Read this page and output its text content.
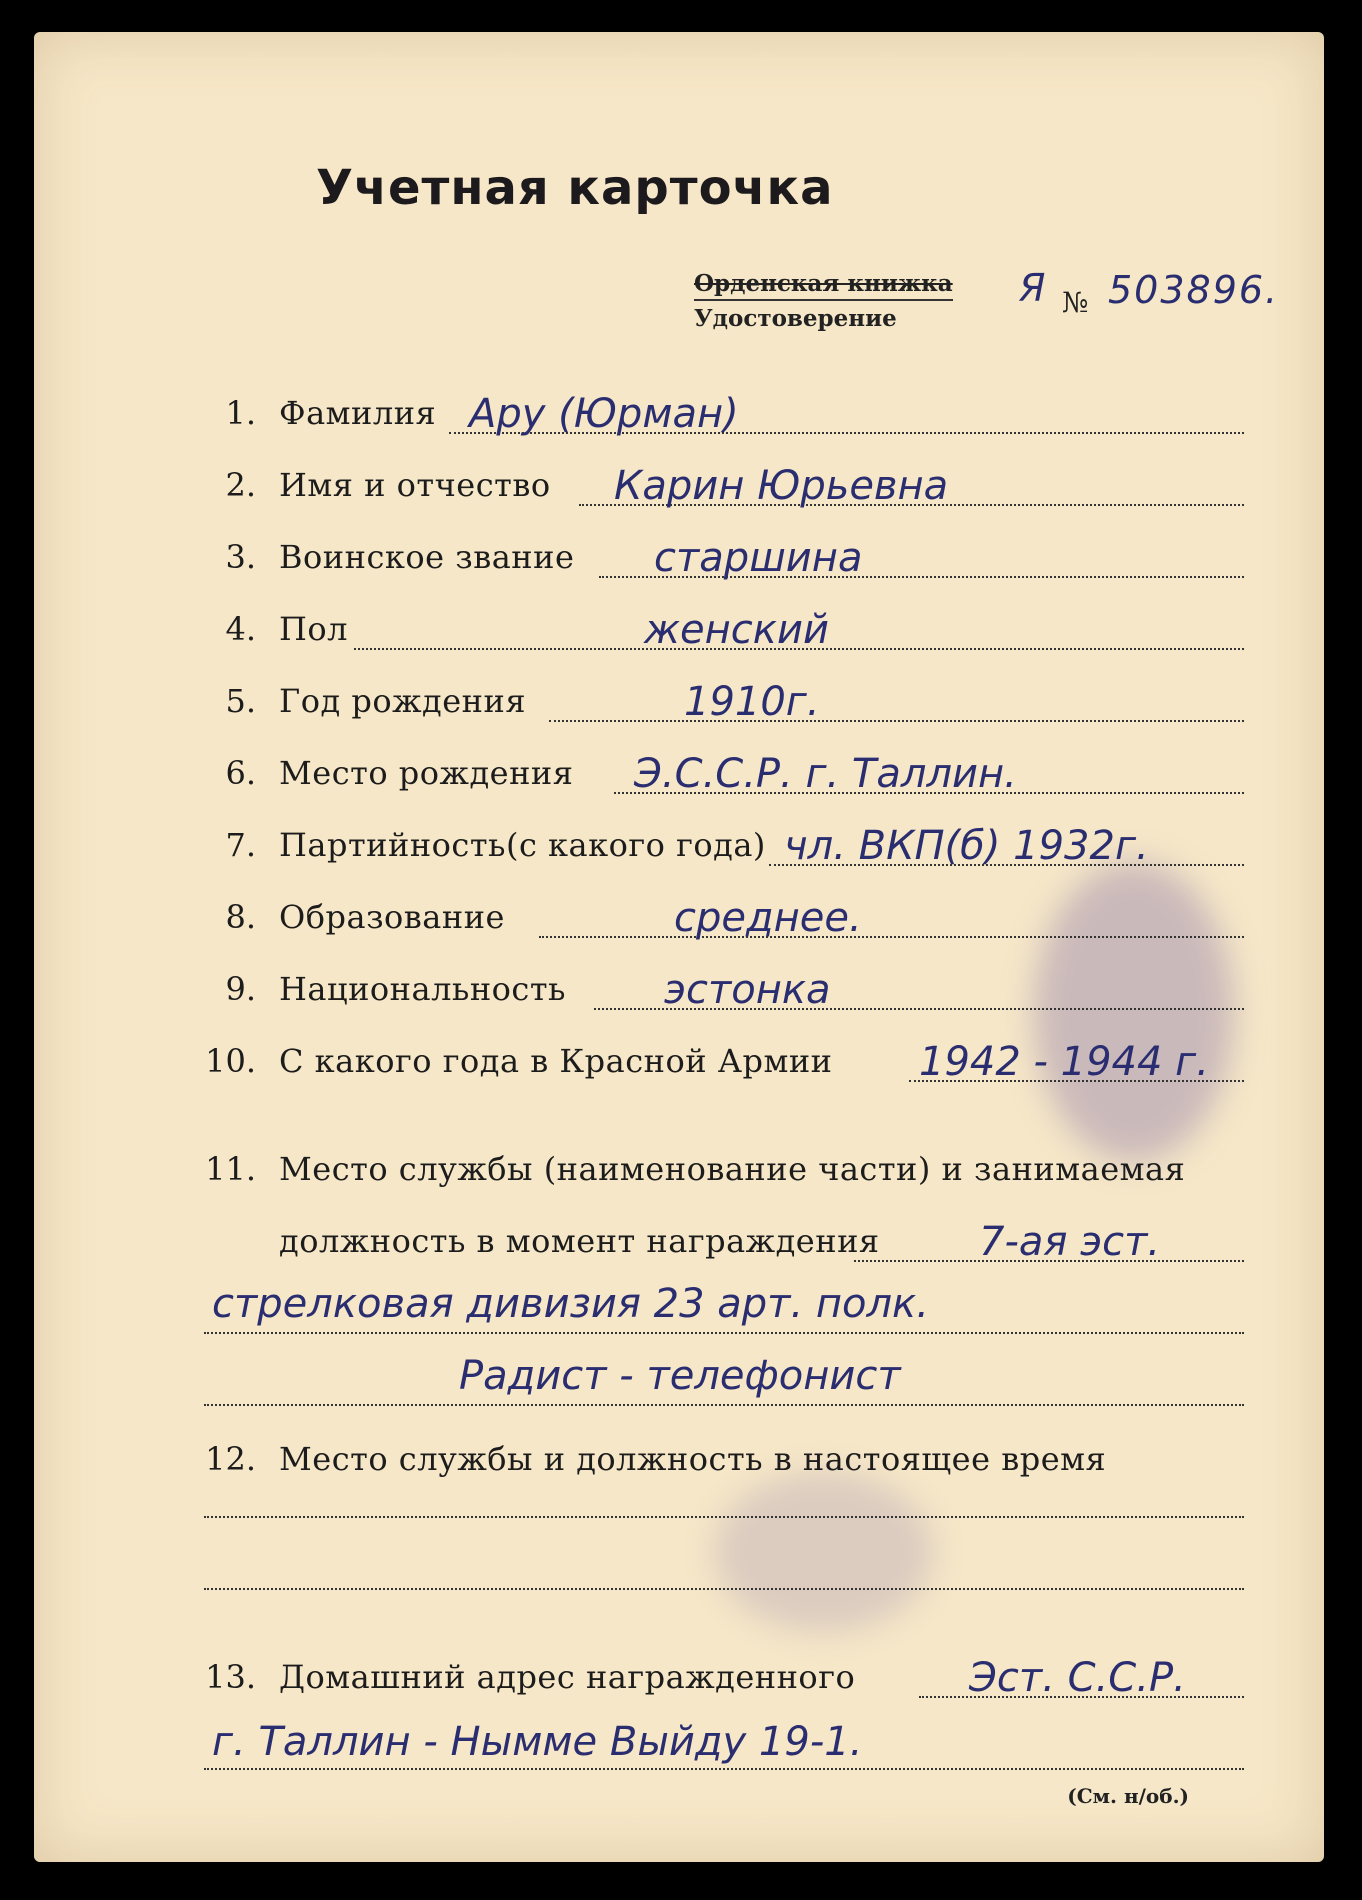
Учетная карточка
Орденская книжка
Удостоверение
Я № 503896.
1. Фамилия Ару (Юрман)
2. Имя и отчество Карин Юрьевна
3. Воинское звание старшина
4. Пол	женский
5. Год рождения	1910г.
6. Место рождения Э.С.С.Р. г. Таллин.
7. Партийность(с какого года) чл. ВКП(б) 1932г.
8. Образование	среднее.
9. Национальность эстонка
10. С какого года в Красной Армии 1942 - 1944 г.
11. Место службы (наименование части) и занимаемая
должность в момент награждения 7-ая эст.
стрелковая дивизия 23 арт. полк.
Радист - телефонист
12. Место службы и должность в настоящее время
13. Домашний адрес награжденного	Эст. С.С.Р.
г. Таллин - Нымме Выйду 19-1.
(См. н/об.)
